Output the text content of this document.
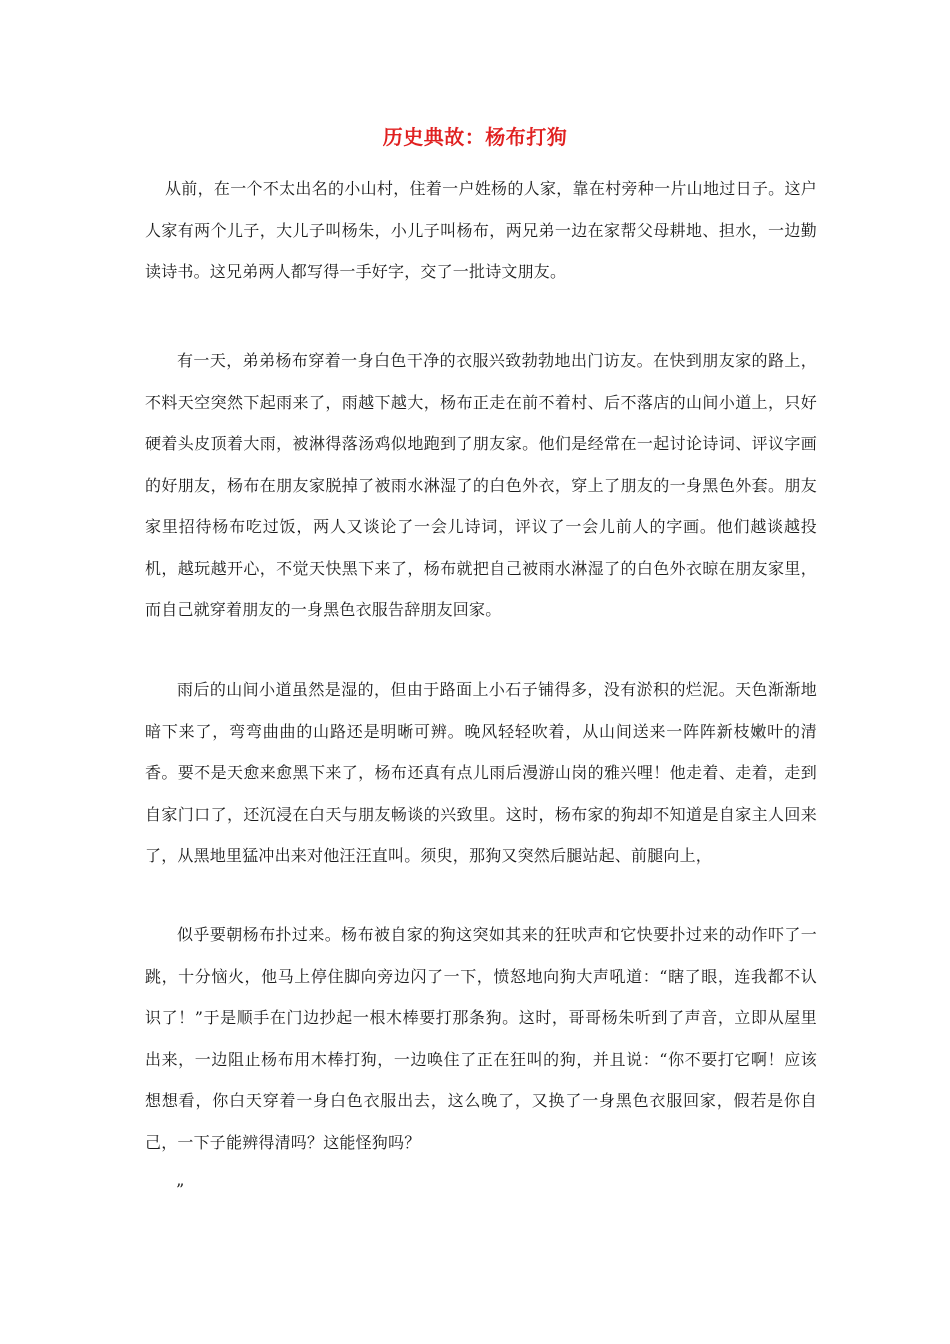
历史典故：杨布打狗

从前，在一个不太出名的小山村，住着一户姓杨的人家，靠在村旁种一片山地过日子。这户人家有两个儿子，大儿子叫杨朱，小儿子叫杨布，两兄弟一边在家帮父母耕地、担水，一边勤读诗书。这兄弟两人都写得一手好字，交了一批诗文朋友。

有一天，弟弟杨布穿着一身白色干净的衣服兴致勃勃地出门访友。在快到朋友家的路上，不料天空突然下起雨来了，雨越下越大，杨布正走在前不着村、后不落店的山间小道上，只好硬着头皮顶着大雨，被淋得落汤鸡似地跑到了朋友家。他们是经常在一起讨论诗词、评议字画的好朋友，杨布在朋友家脱掉了被雨水淋湿了的白色外衣，穿上了朋友的一身黑色外套。朋友家里招待杨布吃过饭，两人又谈论了一会儿诗词，评议了一会儿前人的字画。他们越谈越投机，越玩越开心，不觉天快黑下来了，杨布就把自己被雨水淋湿了的白色外衣晾在朋友家里，而自己就穿着朋友的一身黑色衣服告辞朋友回家。

雨后的山间小道虽然是湿的，但由于路面上小石子铺得多，没有淤积的烂泥。天色渐渐地暗下来了，弯弯曲曲的山路还是明晰可辨。晚风轻轻吹着，从山间送来一阵阵新枝嫩叶的清香。要不是天愈来愈黑下来了，杨布还真有点儿雨后漫游山岗的雅兴哩！他走着、走着，走到自家门口了，还沉浸在白天与朋友畅谈的兴致里。这时，杨布家的狗却不知道是自家主人回来了，从黑地里猛冲出来对他汪汪直叫。须臾，那狗又突然后腿站起、前腿向上，

似乎要朝杨布扑过来。杨布被自家的狗这突如其来的狂吠声和它快要扑过来的动作吓了一跳，十分恼火，他马上停住脚向旁边闪了一下，愤怒地向狗大声吼道：“瞎了眼，连我都不认识了！”于是顺手在门边抄起一根木棒要打那条狗。这时，哥哥杨朱听到了声音，立即从屋里出来，一边阻止杨布用木棒打狗，一边唤住了正在狂叫的狗，并且说：“你不要打它啊！应该想想看，你白天穿着一身白色衣服出去，这么晚了，又换了一身黑色衣服回家，假若是你自己，一下子能辨得清吗？这能怪狗吗？

”
